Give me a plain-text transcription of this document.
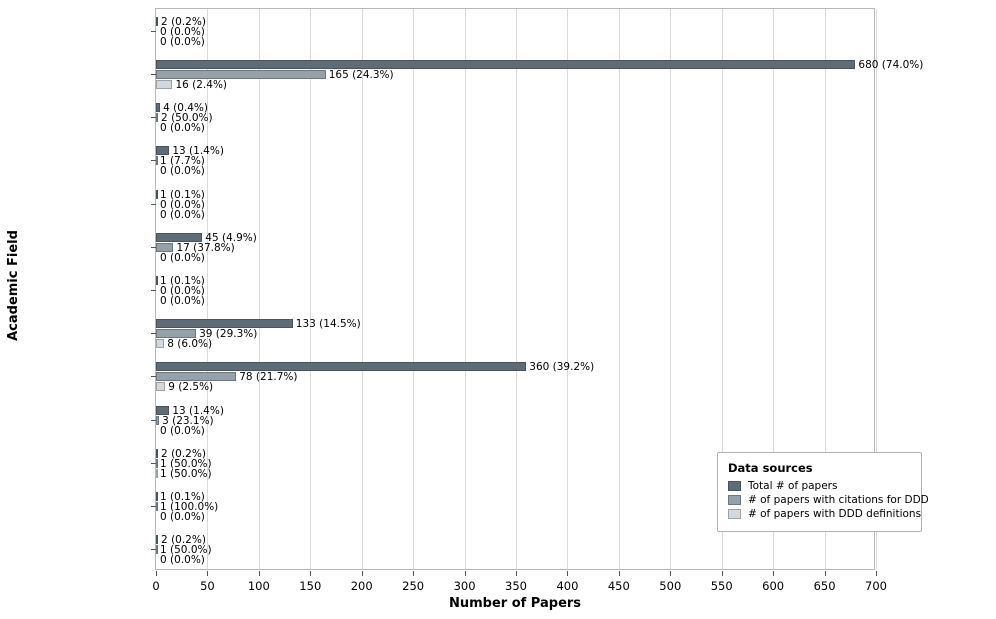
Academic Field
0	50	100	150	200	250	300	350	400	450	500	550	600	650	700
2 (0.2%)
0 (0.0%)
0 (0.0%)
680 (74.0%)
165 (24.3%)
16 (2.4%)
4 (0.4%)
2 (50.0%)
0 (0.0%)
13 (1.4%)
1 (7.7%)
0 (0.0%)
1 (0.1%)
0 (0.0%)
0 (0.0%)
45 (4.9%)
17 (37.8%)
0 (0.0%)
1 (0.1%)
0 (0.0%)
0 (0.0%)
133 (14.5%)
39 (29.3%)
8 (6.0%)
360 (39.2%)
78 (21.7%)
9 (2.5%)
13 (1.4%)
3 (23.1%)
0 (0.0%)
2 (0.2%)
1 (50.0%)
1 (50.0%)
1 (0.1%)
1 (100.0%)
0 (0.0%)
2 (0.2%)
1 (50.0%)
0 (0.0%)
Number of Papers
Data sources
Total # of papers
# of papers with citations for DDD
# of papers with DDD definitions
